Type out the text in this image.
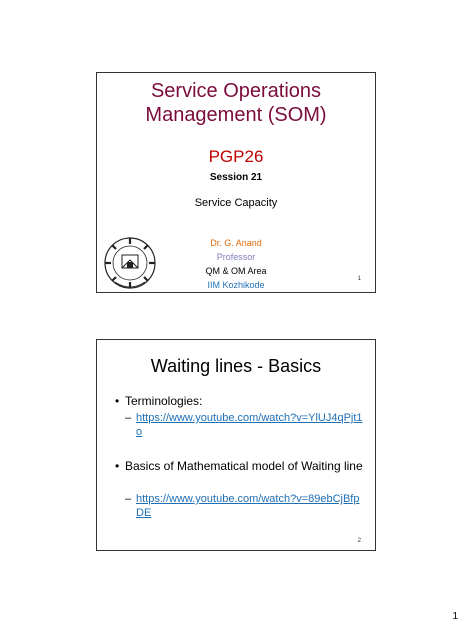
Service Operations Management (SOM)
PGP26
Session 21
Service Capacity
Dr. G. Anand
Professor
QM & OM Area
IIM Kozhikode
1
Waiting lines - Basics
• Terminologies:
– https://www.youtube.com/watch?v=YlUJ4qPjt1o
• Basics of Mathematical model of Waiting line
– https://www.youtube.com/watch?v=89ebCjBfpDE
2
1
